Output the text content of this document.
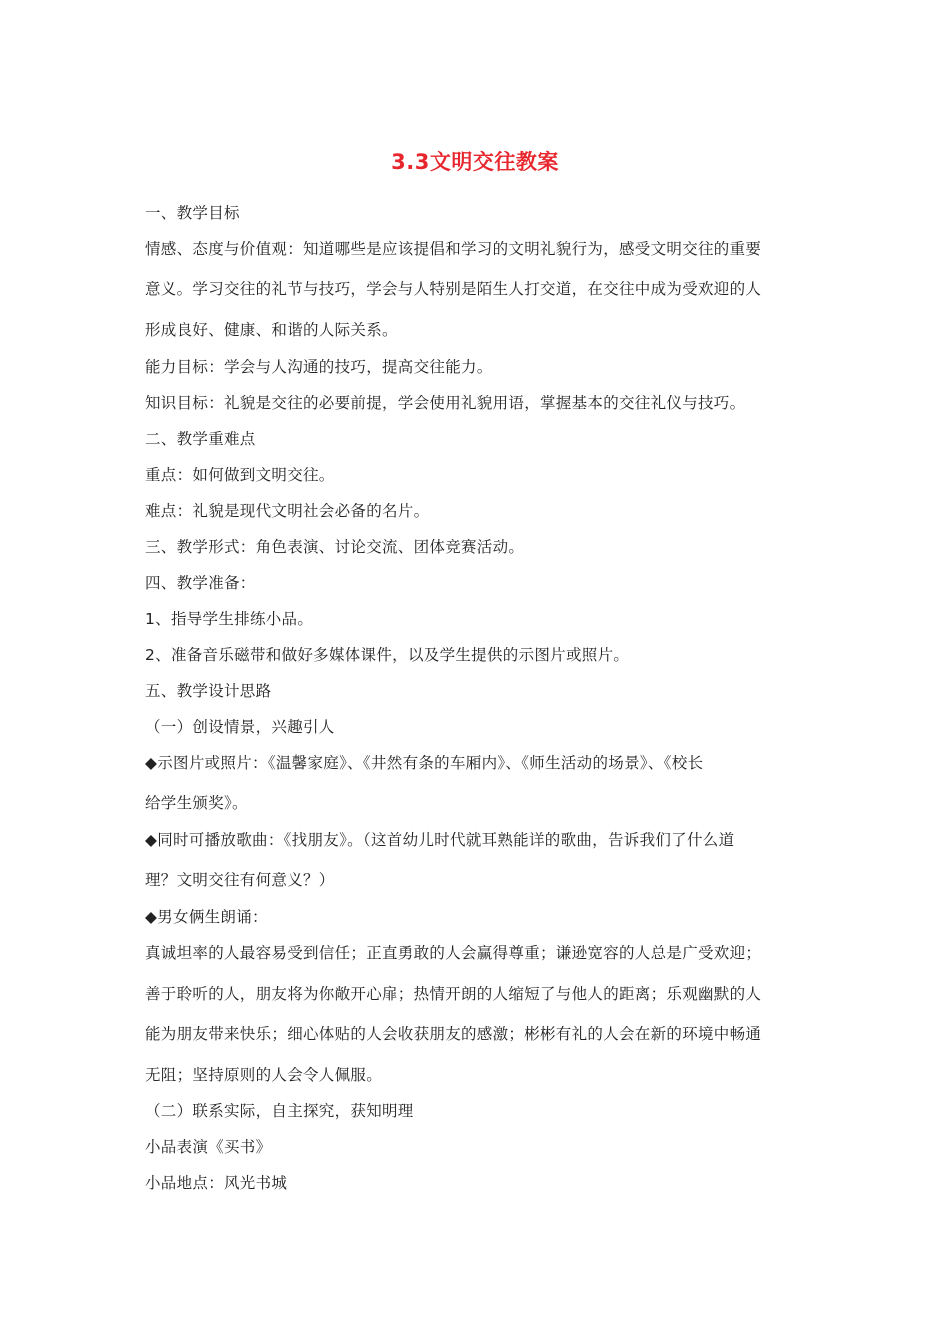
3.3文明交往教案
一、教学目标
情感、态度与价值观：知道哪些是应该提倡和学习的文明礼貌行为，感受文明交往的重要
意义。学习交往的礼节与技巧，学会与人特别是陌生人打交道，在交往中成为受欢迎的人
形成良好、健康、和谐的人际关系。
能力目标：学会与人沟通的技巧，提高交往能力。
知识目标：礼貌是交往的必要前提，学会使用礼貌用语，掌握基本的交往礼仪与技巧。
二、教学重难点
重点：如何做到文明交往。
难点：礼貌是现代文明社会必备的名片。
三、教学形式：角色表演、讨论交流、团体竞赛活动。
四、教学准备：
1、指导学生排练小品。
2、准备音乐磁带和做好多媒体课件，以及学生提供的示图片或照片。
五、教学设计思路
（一）创设情景，兴趣引人
◆示图片或照片：《温馨家庭》、《井然有条的车厢内》、《师生活动的场景》、《校长
给学生颁奖》。
◆同时可播放歌曲：《找朋友》。（这首幼儿时代就耳熟能详的歌曲，告诉我们了什么道
理？文明交往有何意义？）
◆男女俩生朗诵：
真诚坦率的人最容易受到信任；正直勇敢的人会赢得尊重；谦逊宽容的人总是广受欢迎；
善于聆听的人，朋友将为你敞开心扉；热情开朗的人缩短了与他人的距离；乐观幽默的人
能为朋友带来快乐；细心体贴的人会收获朋友的感激；彬彬有礼的人会在新的环境中畅通
无阻；坚持原则的人会令人佩服。
（二）联系实际，自主探究，获知明理
小品表演《买书》
小品地点：风光书城
